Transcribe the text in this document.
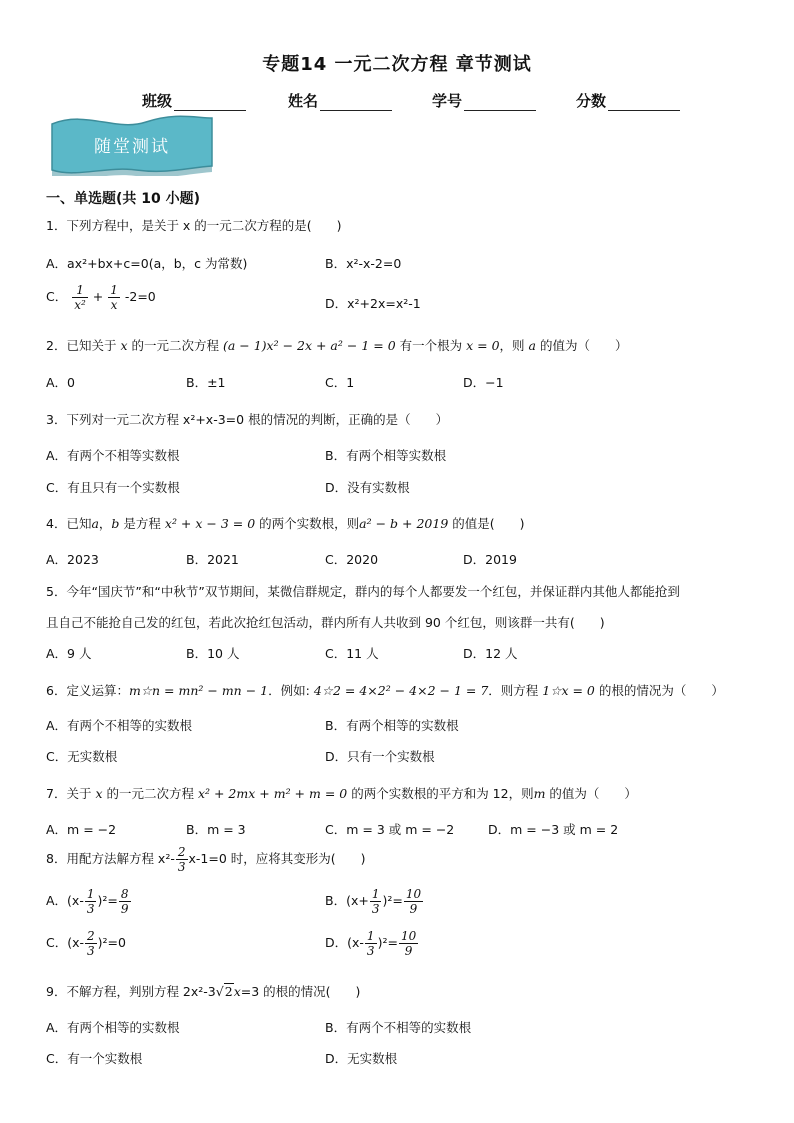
专题14 一元二次方程 章节测试
班级	姓名	学号	分数
随堂测试
一、单选题(共 10 小题)
1．下列方程中，是关于 x 的一元二次方程的是(　　)
A．ax²+bx+c=0(a，b，c 为常数)	B．x²-x-2=0
C． $\frac{1}{\text{x²}} + \frac{1}{x} -2=0$	D．x²+2x=x²-1
2．已知关于 x 的一元二次方程 (a − 1)x² − 2x + a² − 1 = 0 有一个根为 x = 0，则 a 的值为（　　）
A．0	B．±1	C．1	D．−1
3．下列对一元二次方程 x²+x-3=0 根的情况的判断，正确的是（　　）
A．有两个不相等实数根	B．有两个相等实数根
C．有且只有一个实数根	D．没有实数根
4．已知a，b 是方程 x² + x − 3 = 0 的两个实数根，则a² − b + 2019 的值是(　　)
A．2023	B．2021	C．2020	D．2019
5．今年“国庆节”和“中秋节”双节期间，某微信群规定，群内的每个人都要发一个红包，并保证群内其他人都能抢到
且自己不能抢自己发的红包，若此次抢红包活动，群内所有人共收到 90 个红包，则该群一共有(　　)
A．9 人	B．10 人	C．11 人	D．12 人
6．定义运算：m☆n = mn² − mn − 1．例如: 4☆2 = 4×2² − 4×2 − 1 = 7．则方程 1☆x = 0 的根的情况为（　　）
A．有两个不相等的实数根	B．有两个相等的实数根
C．无实数根	D．只有一个实数根
7．关于 x 的一元二次方程 x² + 2mx + m² + m = 0 的两个实数根的平方和为 12，则m 的值为（　　）
A．m = −2	B．m = 3	C．m = 3 或 m = −2	D．m = −3 或 m = 2
8．用配方法解方程 $x^2- \frac{2}{3} x-1=0$ 时，应将其变形为(　　)
A．$(x- \frac{1}{3} )^2= \frac{8}{9}$	B．$(x+ \frac{1}{3} )^2= \frac{10}{9}$
C．$(x- \frac{2}{3} )^2=0$	D．$(x- \frac{1}{3} )^2= \frac{10}{9}$
9．不解方程，判别方程 2x²-3√2x=3 的根的情况(　　)
A．有两个相等的实数根	B．有两个不相等的实数根
C．有一个实数根	D．无实数根
